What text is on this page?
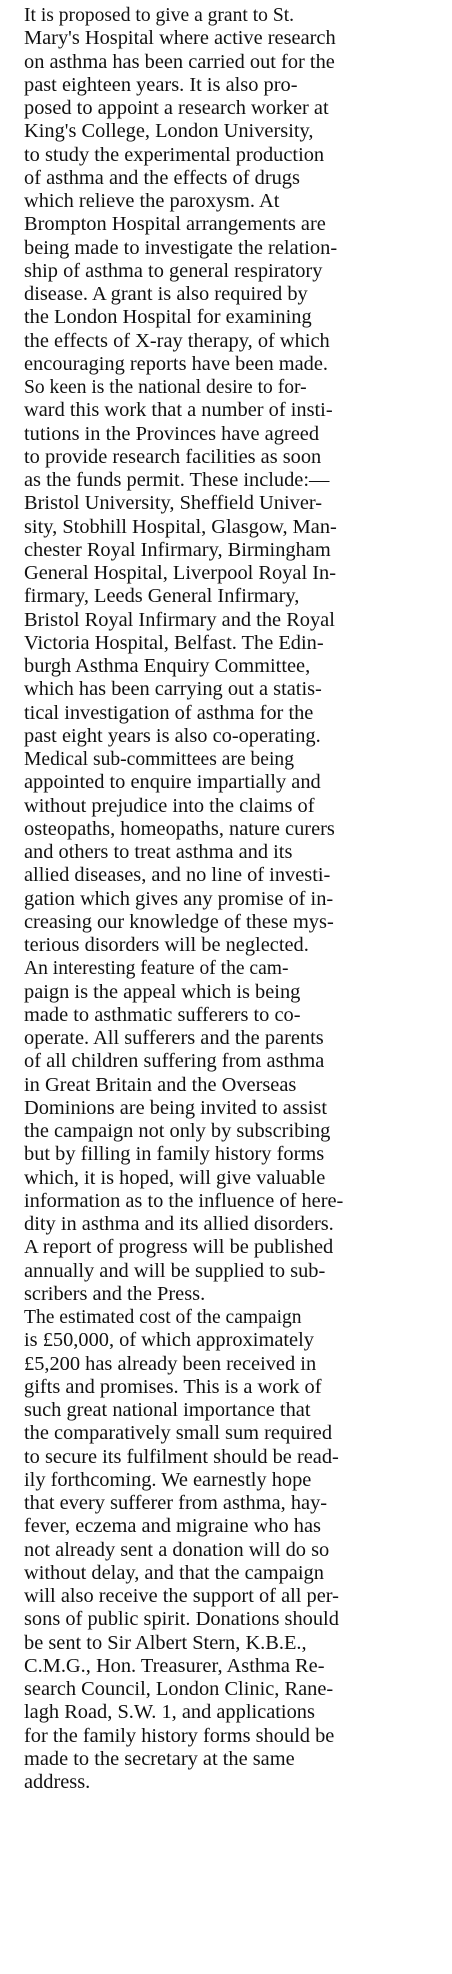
It is proposed to give a grant to St.
Mary's Hospital where active research
on asthma has been carried out for the
past eighteen years. It is also pro-
posed to appoint a research worker at
King's College, London University,
to study the experimental production
of asthma and the effects of drugs
which relieve the paroxysm. At
Brompton Hospital arrangements are
being made to investigate the relation-
ship of asthma to general respiratory
disease. A grant is also required by
the London Hospital for examining
the effects of X-ray therapy, of which
encouraging reports have been made.

So keen is the national desire to for-
ward this work that a number of insti-
tutions in the Provinces have agreed
to provide research facilities as soon
as the funds permit. These include:—
Bristol University, Sheffield Univer-
sity, Stobhill Hospital, Glasgow, Man-
chester Royal Infirmary, Birmingham
General Hospital, Liverpool Royal In-
firmary, Leeds General Infirmary,
Bristol Royal Infirmary and the Royal
Victoria Hospital, Belfast. The Edin-
burgh Asthma Enquiry Committee,
which has been carrying out a statis-
tical investigation of asthma for the
past eight years is also co-operating.

Medical sub-committees are being
appointed to enquire impartially and
without prejudice into the claims of
osteopaths, homeopaths, nature curers
and others to treat asthma and its
allied diseases, and no line of investi-
gation which gives any promise of in-
creasing our knowledge of these mys-
terious disorders will be neglected.

An interesting feature of the cam-
paign is the appeal which is being
made to asthmatic sufferers to co-
operate. All sufferers and the parents
of all children suffering from asthma
in Great Britain and the Overseas
Dominions are being invited to assist
the campaign not only by subscribing
but by filling in family history forms
which, it is hoped, will give valuable
information as to the influence of here-
dity in asthma and its allied disorders.
A report of progress will be published
annually and will be supplied to sub-
scribers and the Press.

The estimated cost of the campaign
is £50,000, of which approximately
£5,200 has already been received in
gifts and promises. This is a work of
such great national importance that
the comparatively small sum required
to secure its fulfilment should be read-
ily forthcoming. We earnestly hope
that every sufferer from asthma, hay-
fever, eczema and migraine who has
not already sent a donation will do so
without delay, and that the campaign
will also receive the support of all per-
sons of public spirit. Donations should
be sent to Sir Albert Stern, K.B.E.,
C.M.G., Hon. Treasurer, Asthma Re-
search Council, London Clinic, Rane-
lagh Road, S.W. 1, and applications
for the family history forms should be
made to the secretary at the same
address.
